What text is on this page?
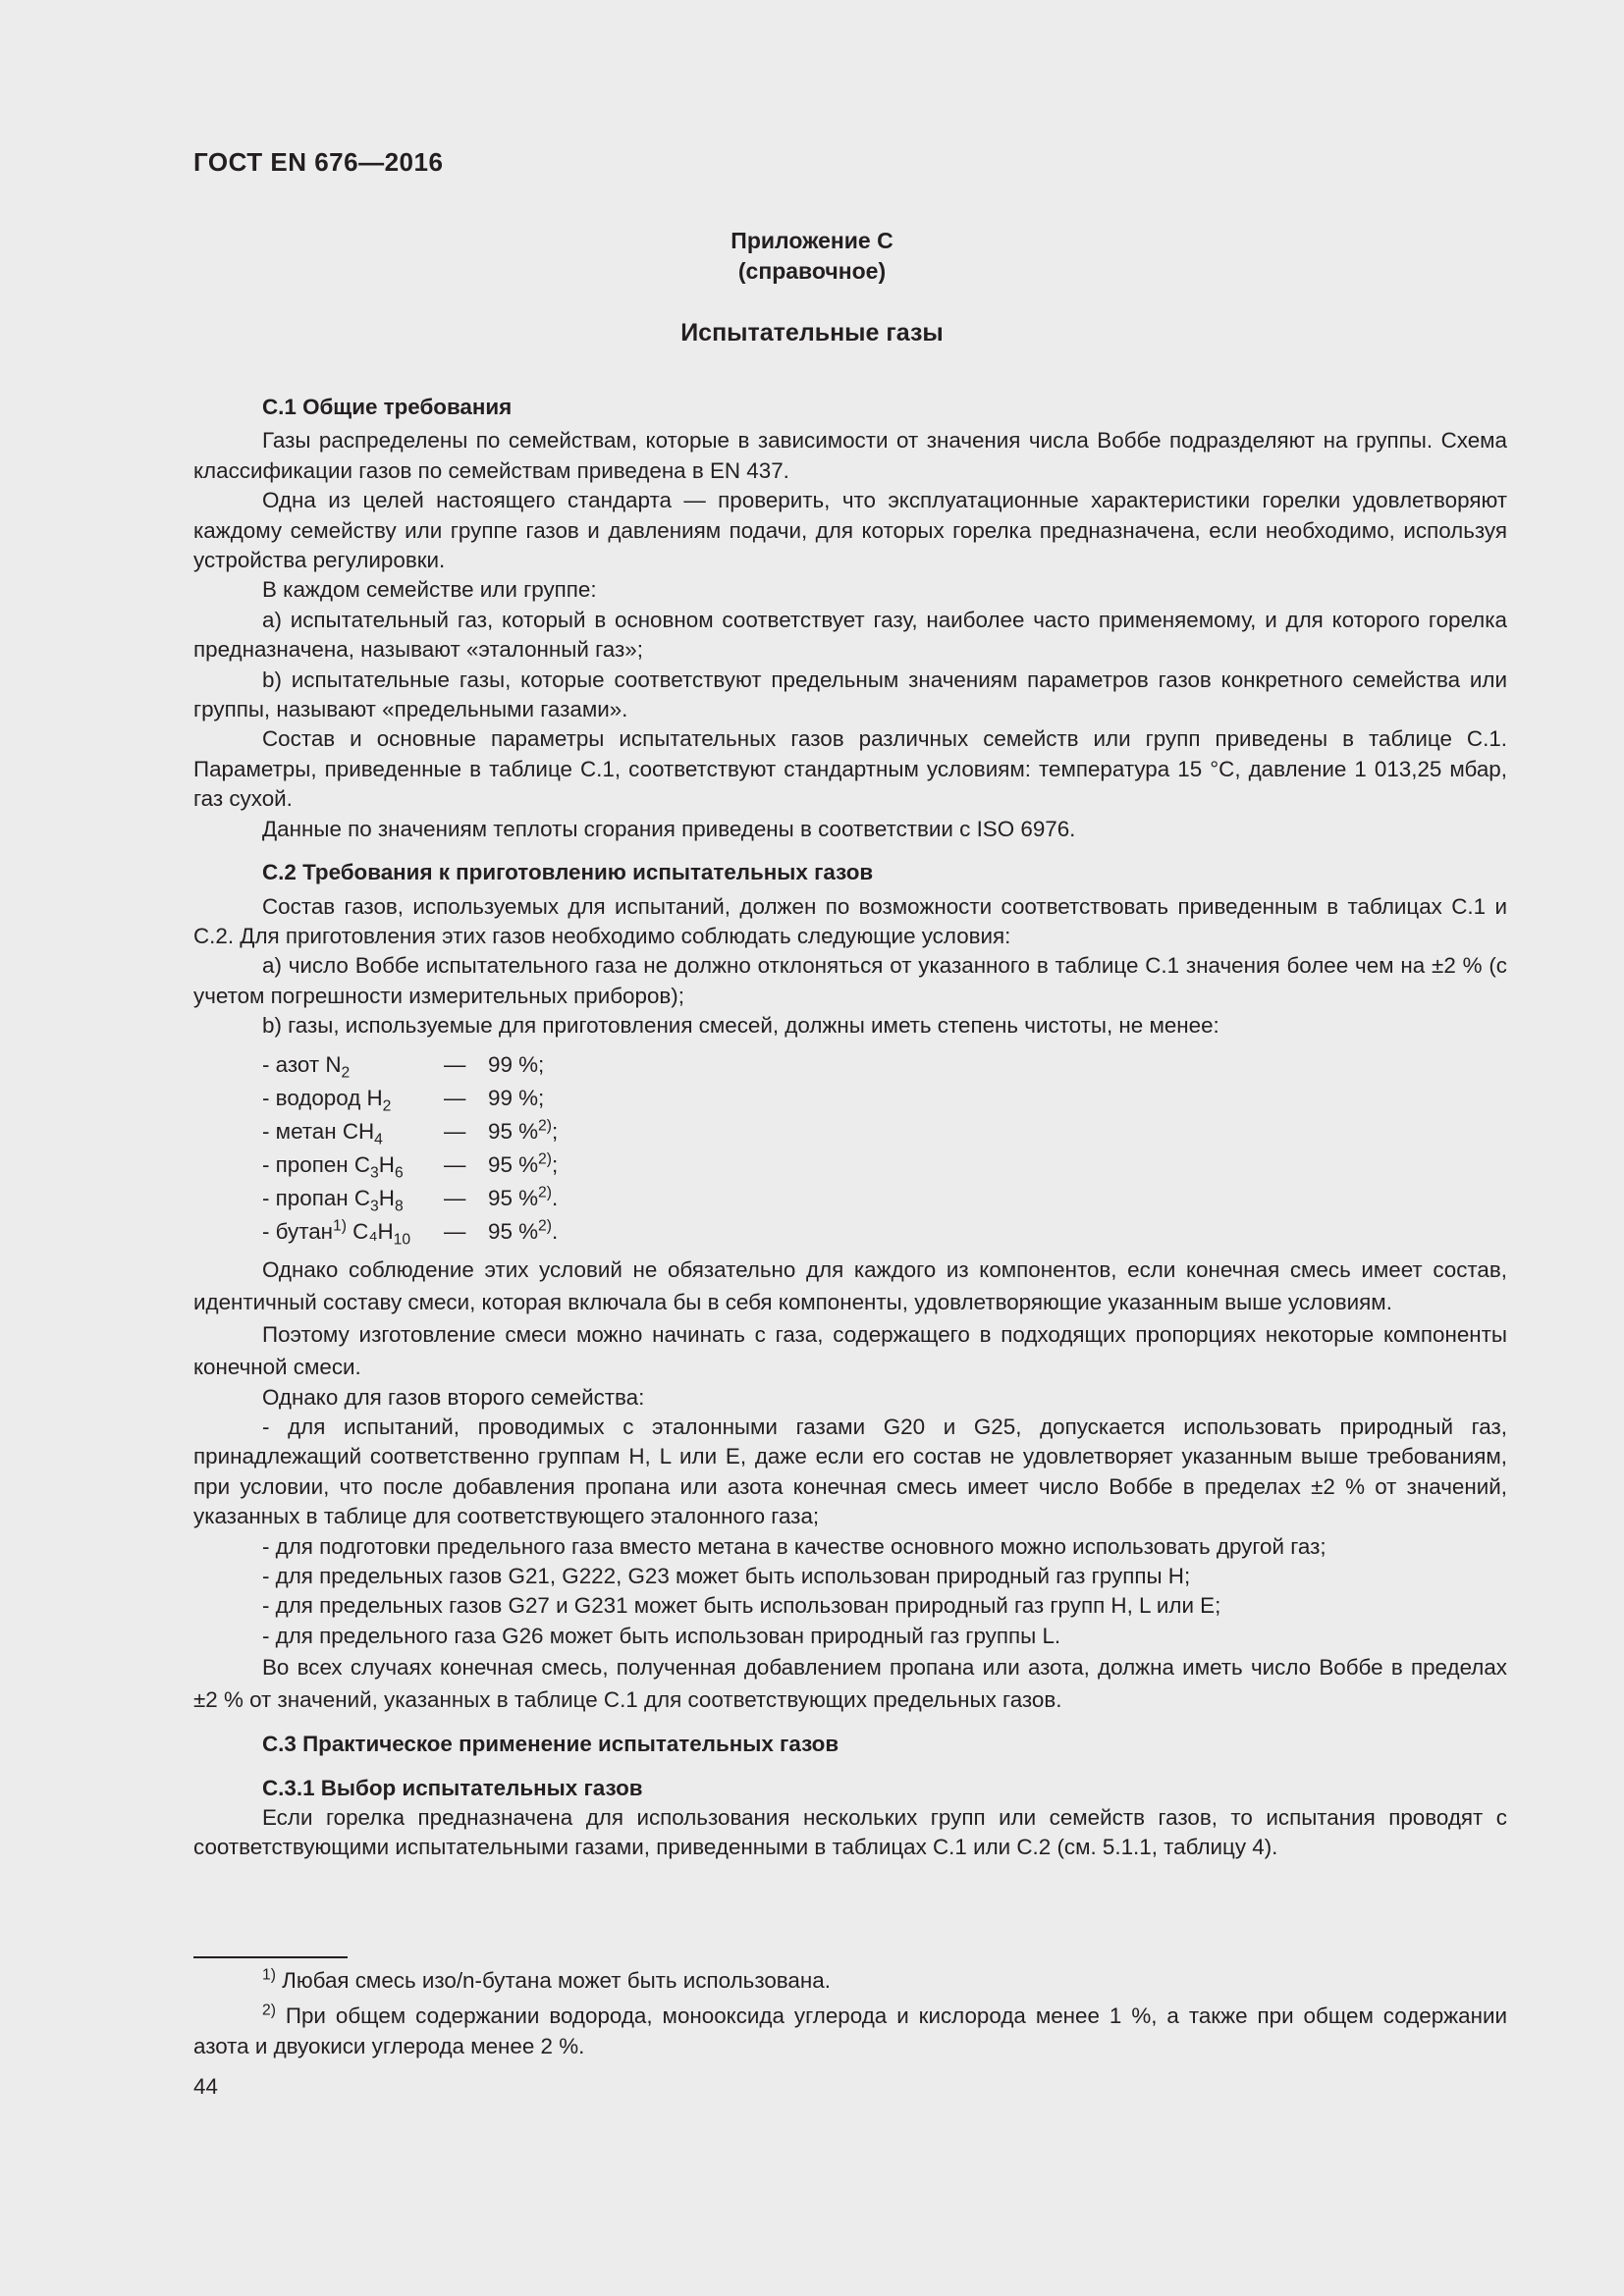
ГОСТ EN 676—2016
Приложение С
(справочное)
Испытательные газы
С.1 Общие требования

Газы распределены по семействам, которые в зависимости от значения числа Воббе подразделяют на группы. Схема классификации газов по семействам приведена в EN 437.

Одна из целей настоящего стандарта — проверить, что эксплуатационные характеристики горелки удовлетворяют каждому семейству или группе газов и давлениям подачи, для которых горелка предназначена, если необходимо, используя устройства регулировки.

В каждом семействе или группе:

a) испытательный газ, который в основном соответствует газу, наиболее часто применяемому, и для которого горелка предназначена, называют «эталонный газ»;

b) испытательные газы, которые соответствуют предельным значениям параметров газов конкретного семейства или группы, называют «предельными газами».

Состав и основные параметры испытательных газов различных семейств или групп приведены в таблице С.1. Параметры, приведенные в таблице С.1, соответствуют стандартным условиям: температура 15 °С, давление 1 013,25 мбар, газ сухой.

Данные по значениям теплоты сгорания приведены в соответствии с ISO 6976.

С.2 Требования к приготовлению испытательных газов

Состав газов, используемых для испытаний, должен по возможности соответствовать приведенным в таблицах С.1 и С.2. Для приготовления этих газов необходимо соблюдать следующие условия:

a) число Воббе испытательного газа не должно отклоняться от указанного в таблице С.1 значения более чем на ±2 % (с учетом погрешности измерительных приборов);

b) газы, используемые для приготовления смесей, должны иметь степень чистоты, не менее:

- азот $N_2$	—	99 %;
- водород $H_2$	—	99 %;
- метан $CH_4$	—	95 %$^{2)}$;
- пропен $C_3H_6$	—	95 %$^{2)}$;
- пропан $C_3H_8$	—	95 %$^{2)}$.
- бутан$^{1)}$ $C_4H_{10}$	—	95 %$^{2)}$.

Однако соблюдение этих условий не обязательно для каждого из компонентов, если конечная смесь имеет состав, идентичный составу смеси, которая включала бы в себя компоненты, удовлетворяющие указанным выше условиям.

Поэтому изготовление смеси можно начинать с газа, содержащего в подходящих пропорциях некоторые компоненты конечной смеси.

Однако для газов второго семейства:

- для испытаний, проводимых с эталонными газами G20 и G25, допускается использовать природный газ, принадлежащий соответственно группам H, L или E, даже если его состав не удовлетворяет указанным выше требованиям, при условии, что после добавления пропана или азота конечная смесь имеет число Воббе в пределах ±2 % от значений, указанных в таблице для соответствующего эталонного газа;

- для подготовки предельного газа вместо метана в качестве основного можно использовать другой газ;

- для предельных газов G21, G222, G23 может быть использован природный газ группы H;

- для предельных газов G27 и G231 может быть использован природный газ групп H, L или E;

- для предельного газа G26 может быть использован природный газ группы L.

Во всех случаях конечная смесь, полученная добавлением пропана или азота, должна иметь число Воббе в пределах ±2 % от значений, указанных в таблице С.1 для соответствующих предельных газов.

С.3 Практическое применение испытательных газов
С.3.1 Выбор испытательных газов

Если горелка предназначена для использования нескольких групп или семейств газов, то испытания проводят с соответствующими испытательными газами, приведенными в таблицах С.1 или С.2 (см. 5.1.1, таблицу 4).

$^{1)}$ Любая смесь изо/n-бутана может быть использована.

$^{2)}$ При общем содержании водорода, монооксида углерода и кислорода менее 1 %, а также при общем содержании азота и двуокиси углерода менее 2 %.

44
